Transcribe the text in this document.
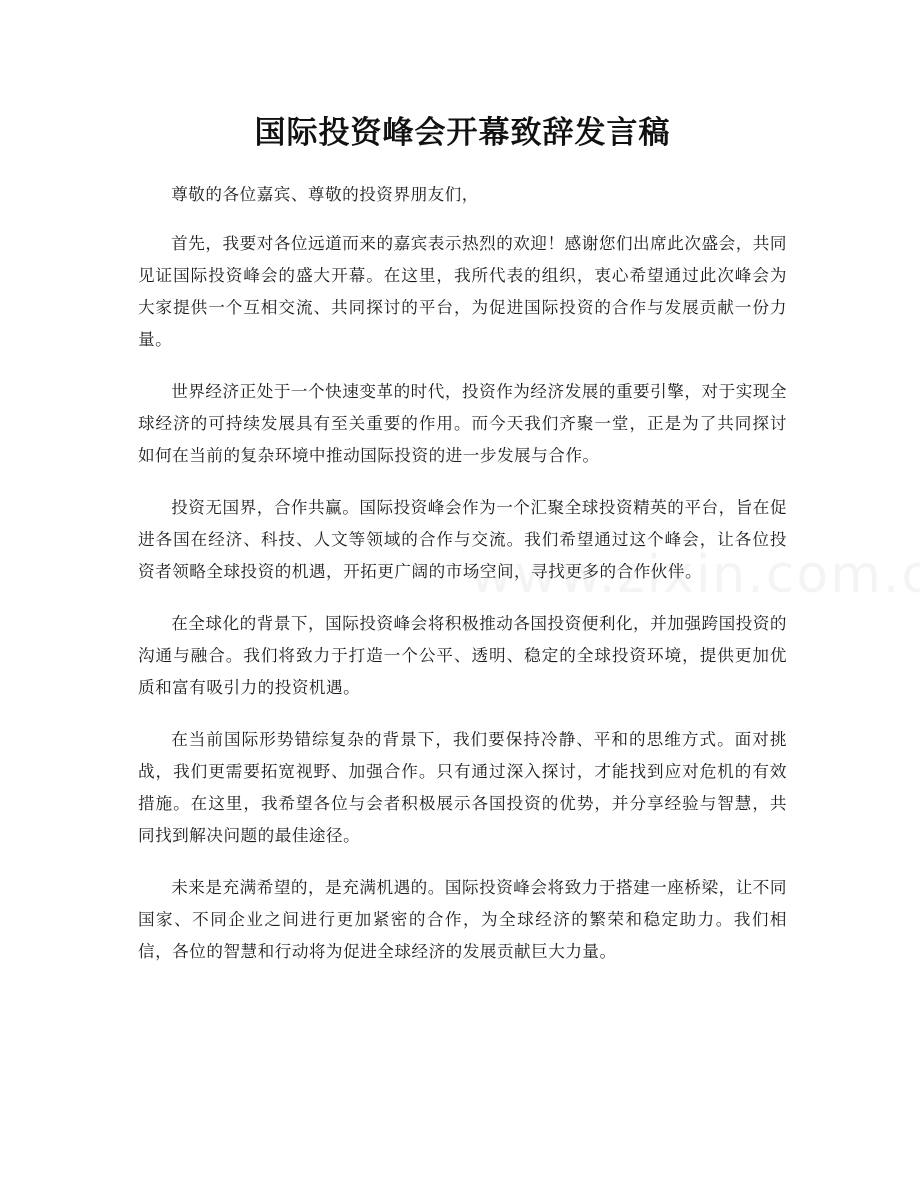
国际投资峰会开幕致辞发言稿

尊敬的各位嘉宾、尊敬的投资界朋友们，

首先，我要对各位远道而来的嘉宾表示热烈的欢迎！感谢您们出席此次盛会，共同见证国际投资峰会的盛大开幕。在这里，我所代表的组织，衷心希望通过此次峰会为大家提供一个互相交流、共同探讨的平台，为促进国际投资的合作与发展贡献一份力量。

世界经济正处于一个快速变革的时代，投资作为经济发展的重要引擎，对于实现全球经济的可持续发展具有至关重要的作用。而今天我们齐聚一堂，正是为了共同探讨如何在当前的复杂环境中推动国际投资的进一步发展与合作。

投资无国界，合作共赢。国际投资峰会作为一个汇聚全球投资精英的平台，旨在促进各国在经济、科技、人文等领域的合作与交流。我们希望通过这个峰会，让各位投资者领略全球投资的机遇，开拓更广阔的市场空间，寻找更多的合作伙伴。

在全球化的背景下，国际投资峰会将积极推动各国投资便利化，并加强跨国投资的沟通与融合。我们将致力于打造一个公平、透明、稳定的全球投资环境，提供更加优质和富有吸引力的投资机遇。

在当前国际形势错综复杂的背景下，我们要保持冷静、平和的思维方式。面对挑战，我们更需要拓宽视野、加强合作。只有通过深入探讨，才能找到应对危机的有效措施。在这里，我希望各位与会者积极展示各国投资的优势，并分享经验与智慧，共同找到解决问题的最佳途径。

未来是充满希望的，是充满机遇的。国际投资峰会将致力于搭建一座桥梁，让不同国家、不同企业之间进行更加紧密的合作，为全球经济的繁荣和稳定助力。我们相信，各位的智慧和行动将为促进全球经济的发展贡献巨大力量。
